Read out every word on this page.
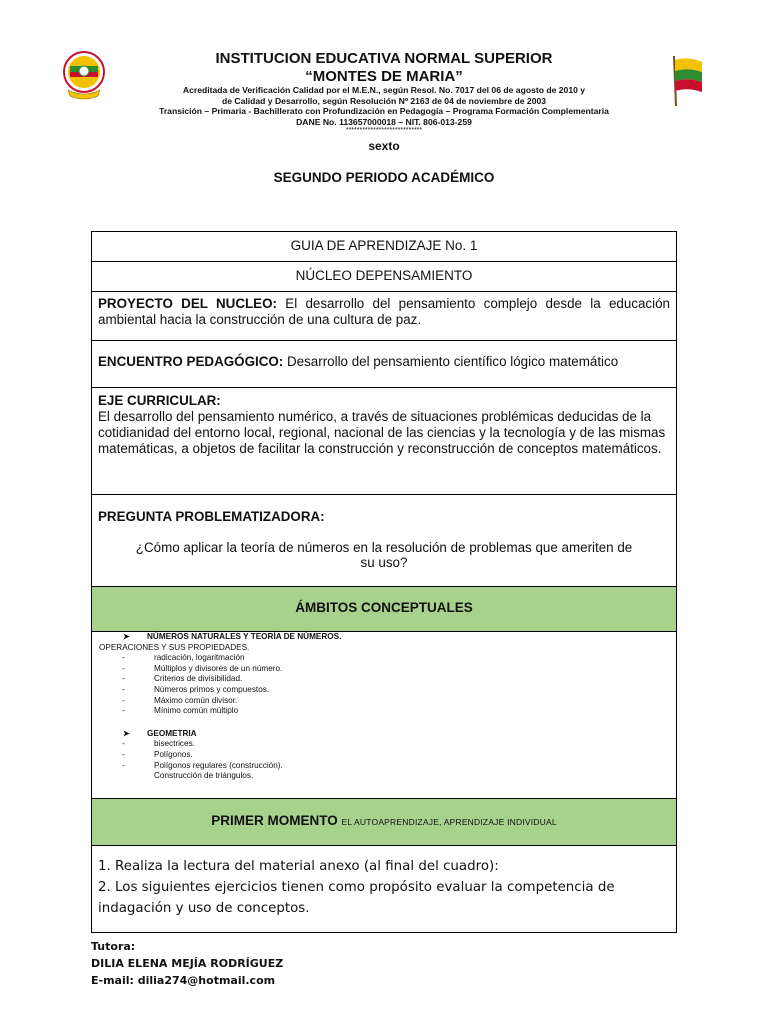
INSTITUCION EDUCATIVA NORMAL SUPERIOR
“MONTES DE MARIA”
Acreditada de Verificación Calidad por el M.E.N., según Resol. No. 7017 del 06 de agosto de 2010 y
de Calidad y Desarrollo, según Resolución Nº 2163 de 04 de noviembre de 2003
Transición – Primaria - Bachillerato con Profundización en Pedagogía – Programa Formación Complementaria
DANE No. 113657000018 – NIT. 806-013-259
****************************
sexto
SEGUNDO PERIODO ACADÉMICO
GUIA DE APRENDIZAJE No. 1
NÚCLEO DEPENSAMIENTO
PROYECTO DEL NUCLEO: El desarrollo del pensamiento complejo desde la educación ambiental hacia la construcción de una cultura de paz.
ENCUENTRO PEDAGÓGICO: Desarrollo del pensamiento científico lógico matemático
EJE CURRICULAR:
El desarrollo del pensamiento numérico, a través de situaciones problémicas deducidas de la cotidianidad del entorno local, regional, nacional de las ciencias y la tecnología y de las mismas matemáticas, a objetos de facilitar la construcción y reconstrucción de conceptos matemáticos.
PREGUNTA PROBLEMATIZADORA:
¿Cómo aplicar la teoría de números en la resolución de problemas que ameriten de su uso?
ÁMBITOS CONCEPTUALES
➤ NÚMEROS NATURALES Y TEORÍA DE NÚMEROS.
OPERACIONES Y SUS PROPIEDADES.
-	radicación, logaritmación
-	Múltiplos y divisores de un número.
-	Criterios de divisibilidad.
-	Números primos y compuestos.
-	Máximo común divisor.
-	Mínimo común múltiplo
➤ GEOMETRIA
-	bisectrices.
-	Polígonos.
-	Polígonos regulares (construcción).
Construcción de triángulos.
PRIMER MOMENTO EL AUTOAPRENDIZAJE, APRENDIZAJE INDIVIDUAL
1. Realiza la lectura del material anexo (al final del cuadro):
2. Los siguientes ejercicios tienen como propósito evaluar la competencia de indagación y uso de conceptos.
Tutora:
DILIA ELENA MEJÍA RODRÍGUEZ
E-mail: dilia274@hotmail.com
